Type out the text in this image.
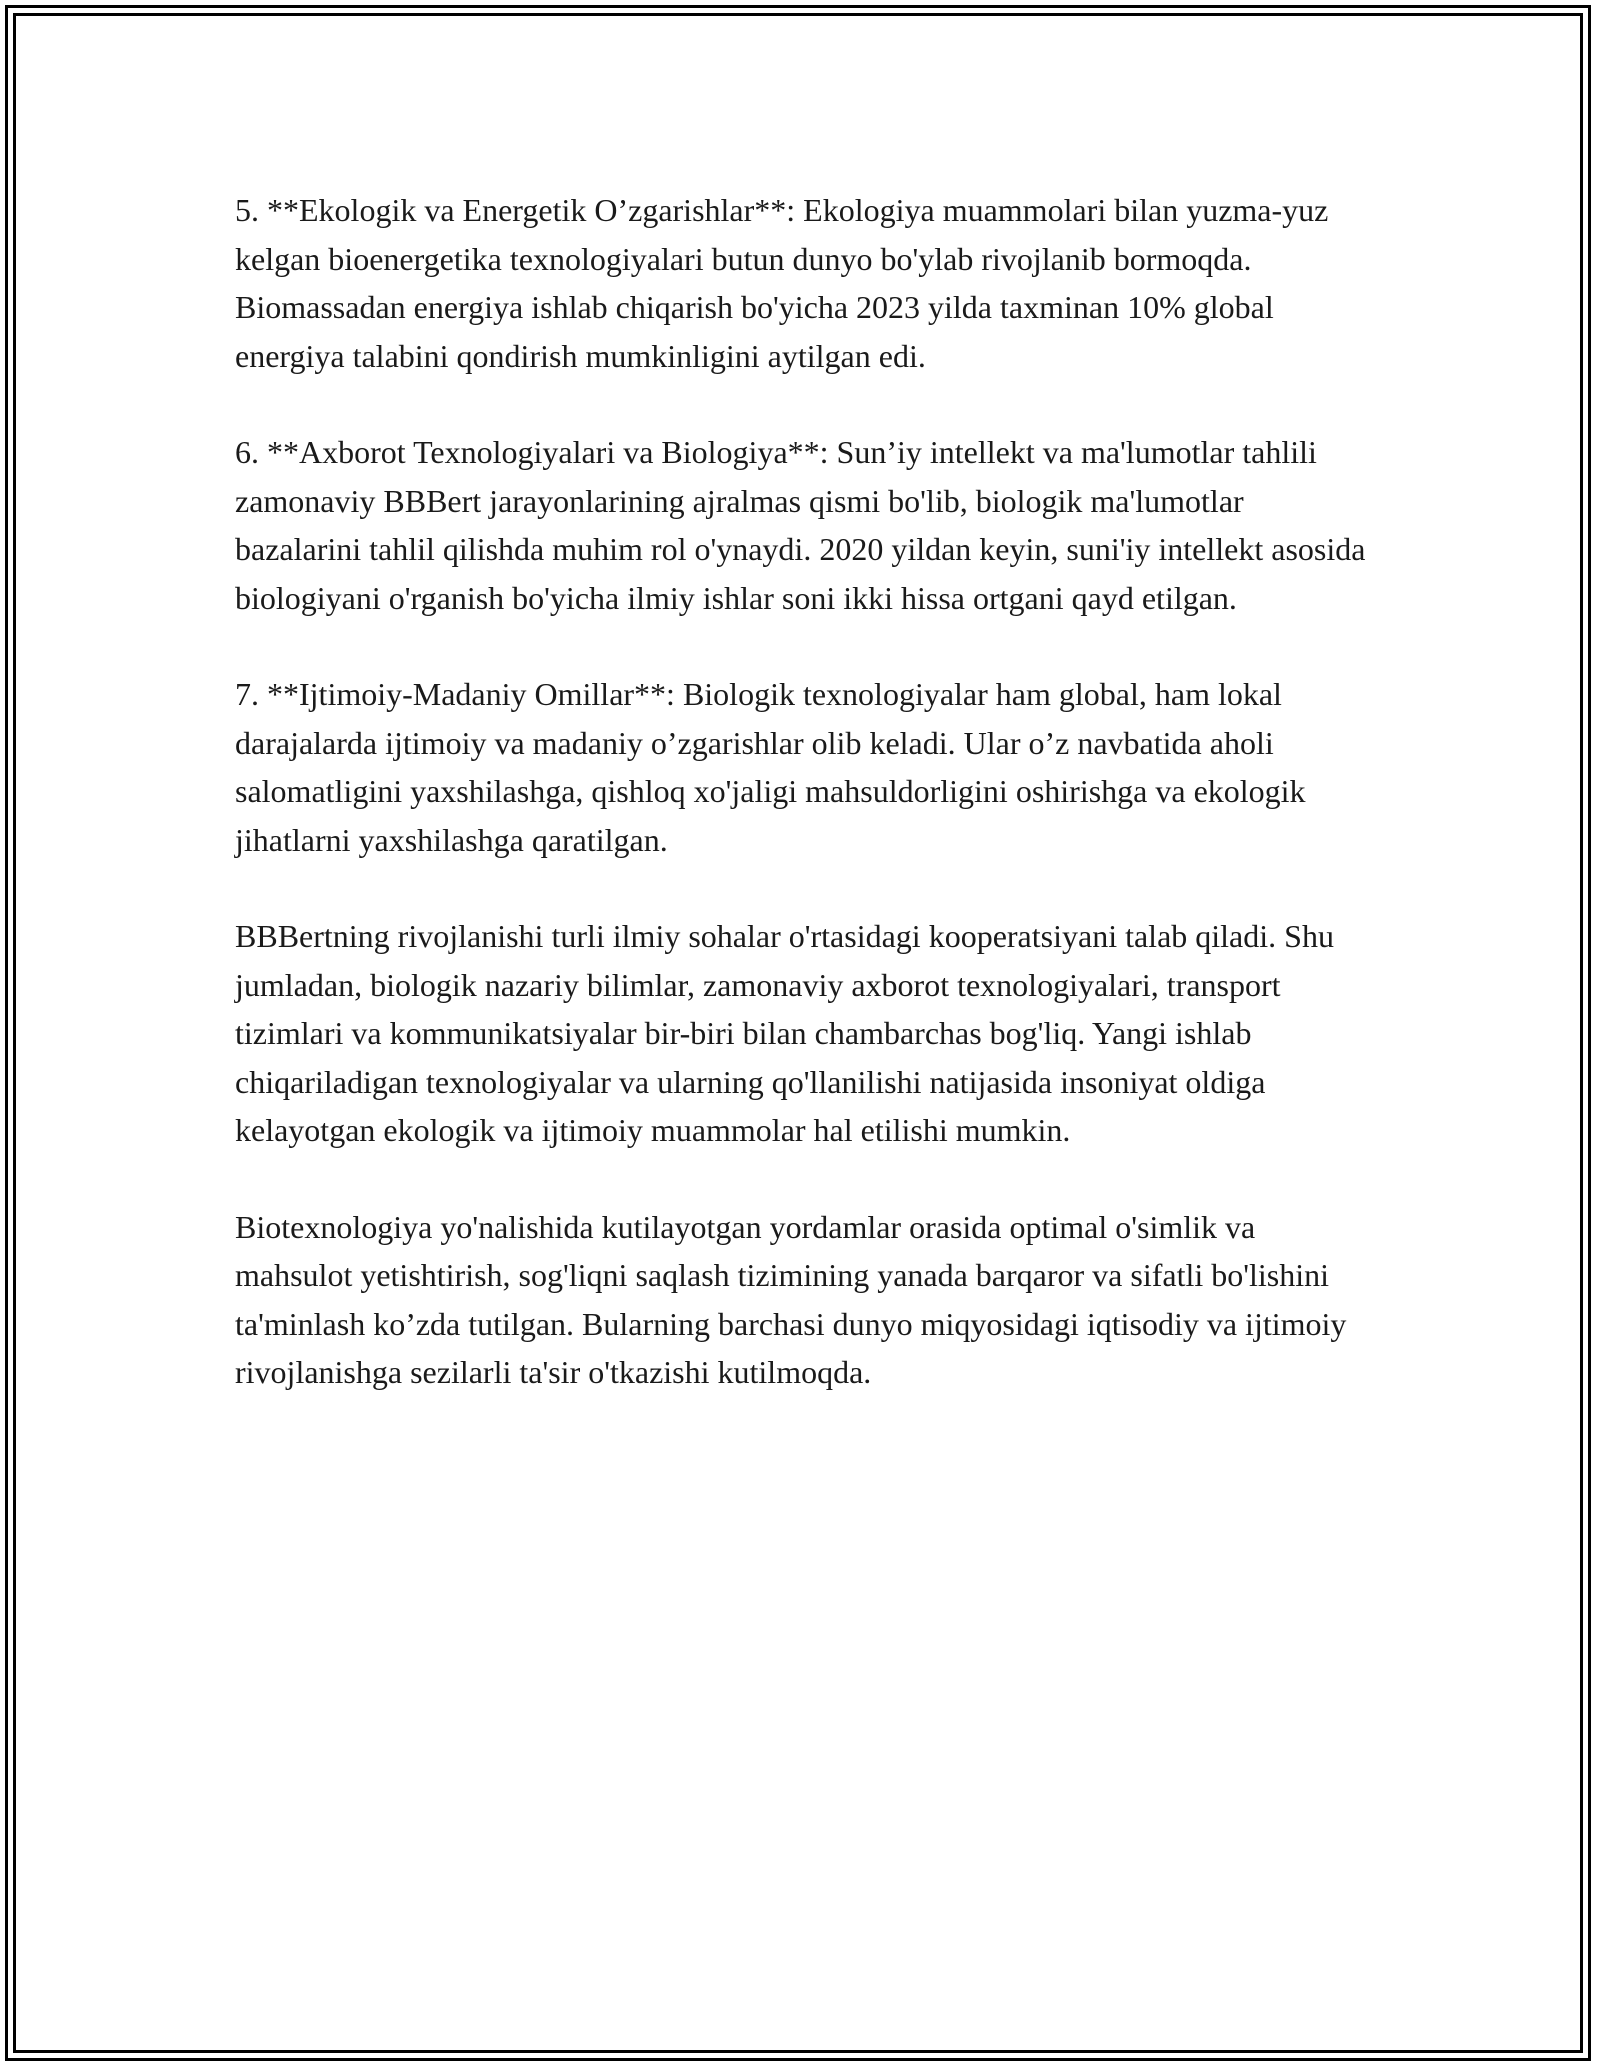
5. **Ekologik va Energetik O’zgarishlar**: Ekologiya muammolari bilan yuzma-yuz kelgan bioenergetika texnologiyalari butun dunyo bo'ylab rivojlanib bormoqda. Biomassadan energiya ishlab chiqarish bo'yicha 2023 yilda taxminan 10% global energiya talabini qondirish mumkinligini aytilgan edi.

6. **Axborot Texnologiyalari va Biologiya**: Sun’iy intellekt va ma'lumotlar tahlili zamonaviy BBBert jarayonlarining ajralmas qismi bo'lib, biologik ma'lumotlar bazalarini tahlil qilishda muhim rol o'ynaydi. 2020 yildan keyin, suni'iy intellekt asosida biologiyani o'rganish bo'yicha ilmiy ishlar soni ikki hissa ortgani qayd etilgan.

7. **Ijtimoiy-Madaniy Omillar**: Biologik texnologiyalar ham global, ham lokal darajalarda ijtimoiy va madaniy o’zgarishlar olib keladi. Ular o’z navbatida aholi salomatligini yaxshilashga, qishloq xo'jaligi mahsuldorligini oshirishga va ekologik jihatlarni yaxshilashga qaratilgan.

BBBertning rivojlanishi turli ilmiy sohalar o'rtasidagi kooperatsiyani talab qiladi. Shu jumladan, biologik nazariy bilimlar, zamonaviy axborot texnologiyalari, transport tizimlari va kommunikatsiyalar bir-biri bilan chambarchas bog'liq. Yangi ishlab chiqariladigan texnologiyalar va ularning qo'llanilishi natijasida insoniyat oldiga kelayotgan ekologik va ijtimoiy muammolar hal etilishi mumkin.

Biotexnologiya yo'nalishida kutilayotgan yordamlar orasida optimal o'simlik va mahsulot yetishtirish, sog'liqni saqlash tizimining yanada barqaror va sifatli bo'lishini ta'minlash ko’zda tutilgan. Bularning barchasi dunyo miqyosidagi iqtisodiy va ijtimoiy rivojlanishga sezilarli ta'sir o'tkazishi kutilmoqda.
